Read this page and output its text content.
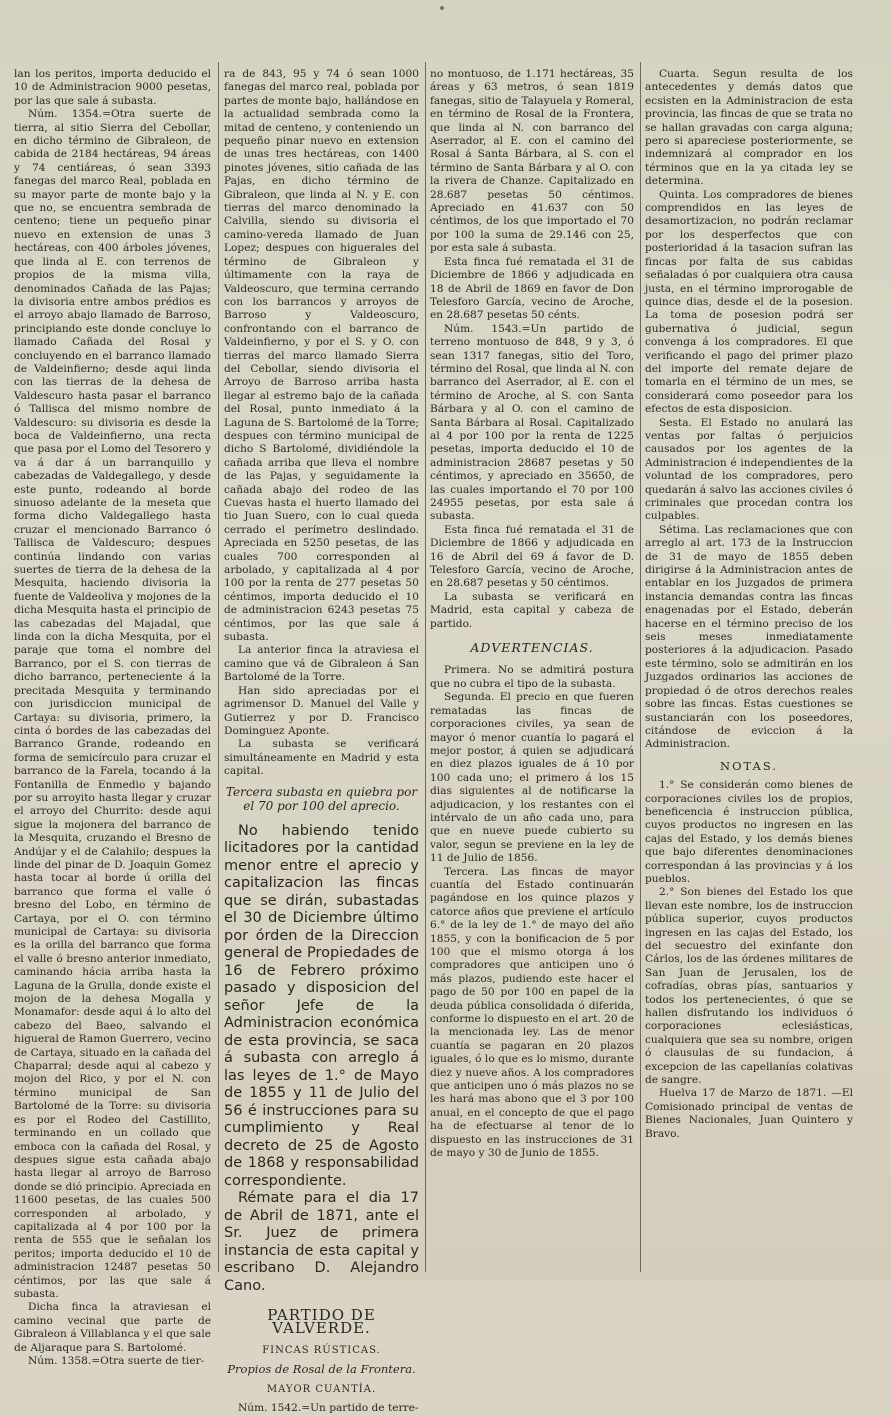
lan los peritos, importa deducido el 10 de Administracion 9000 pesetas, por las que sale á subasta.

Núm. 1354.=Otra suerte de tierra, al sitio Sierra del Cebollar, en dicho término de Gibraleon, de cabida de 2184 hectáreas, 94 áreas y 74 centiáreas, ó sean 3393 fanegas del marco Real, poblada en su mayor parte de monte bajo y la que no, se encuentra sembrada de centeno; tiene un pequeño pinar nuevo en extension de unas 3 hectáreas, con 400 árboles jóvenes, que linda al E. con terrenos de propios de la misma villa, denominados Cañada de las Pajas; la divisoria entre ambos prédios es el arroyo abajo llamado de Barroso, principiando este donde concluye lo llamado Cañada del Rosal y concluyendo en el barranco llamado de Valdeinfierno; desde aqui linda con las tierras de la dehesa de Valdescuro hasta pasar el barranco ó Tallisca del mismo nombre de Valdescuro: su divisoria es desde la boca de Valdeinfierno, una recta que pasa por el Lomo del Tesorero y va á dar á un barranquillo y cabezadas de Valdegallego, y desde este punto, rodeando al borde sinuoso adelante de la meseta que forma dicho Valdegallego hasta cruzar el mencionado Barranco ó Tallisca de Valdescuro; despues continúa lindando con varias suertes de tierra de la dehesa de la Mesquita, haciendo divisoria la fuente de Valdeoliva y mojones de la dicha Mesquita hasta el principio de las cabezadas del Majadal, que linda con la dicha Mesquita, por el paraje que toma el nombre del Barranco, por el S. con tierras de dicho barranco, perteneciente á la precitada Mesquita y terminando con jurisdiccion municipal de Cartaya: su divisoria, primero, la cinta ó bordes de las cabezadas del Barranco Grande, rodeando en forma de semicírculo para cruzar el barranco de la Farela, tocando á la Fontanilla de Enmedio y bajando por su arroyito hasta llegar y cruzar el arroyo del Churrito: desde aqui sigue la mojonera del barranco de la Mesquita, cruzando el Bresno de Andújar y el de Calahilo; despues la linde del pinar de D. Joaquin Gomez hasta tocar al borde ú orilla del barranco que forma el valle ó bresno del Lobo, en término de Cartaya, por el O. con término municipal de Cartaya: su divisoria es la orilla del barranco que forma el valle ó bresno anterior inmediato, caminando hácia arriba hasta la Laguna de la Grulla, donde existe el mojon de la dehesa Mogalla y Monamafor: desde aqui á lo alto del cabezo del Baeo, salvando el higueral de Ramon Guerrero, vecino de Cartaya, situado en la cañada del Chaparral; desde aqui al cabezo y mojon del Rico, y por el N. con término municipal de San Bartolomé de la Torre: su divisoria es por el Rodeo del Castillito, terminando en un collado que emboca con la cañada del Rosal, y despues sigue esta cañada abajo hasta llegar al arroyo de Barroso donde se dió principio. Apreciada en 11600 pesetas, de las cuales 500 corresponden al arbolado, y capitalizada al 4 por 100 por la renta de 555 que le señalan los peritos; importa deducido el 10 de administracion 12487 pesetas 50 céntimos, por las que sale á subasta.

Dicha finca la atraviesan el camino vecinal que parte de Gibraleon á Villablanca y el que sale de Aljaraque para S. Bartolomé.

Núm. 1358.=Otra suerte de tier-

ra de 843, 95 y 74 ó sean 1000 fanegas del marco real, poblada por partes de monte bajo, hallándose en la actualidad sembrada como la mitad de centeno, y conteniendo un pequeño pinar nuevo en extension de unas tres hectáreas, con 1400 pinotes jóvenes, sitio cañada de las Pajas, en dicho término de Gibraleon, que linda al N. y E. con tierras del marco denominado la Calvilla, siendo su divisoria el camino-vereda llamado de Juan Lopez; despues con higuerales del término de Gibraleon y últimamente con la raya de Valdeoscuro, que termina cerrando con los barrancos y arroyos de Barroso y Valdeoscuro, confrontando con el barranco de Valdeinfierno, y por el S. y O. con tierras del marco llamado Sierra del Cebollar, siendo divisoria el Arroyo de Barroso arriba hasta llegar al estremo bajo de la cañada del Rosal, punto inmediato á la Laguna de S. Bartolomé de la Torre; despues con término municipal de dicho S Bartolomé, dividiéndole la cañada arriba que lleva el nombre de las Pajas, y seguidamente la cañada abajo del rodeo de las Cuevas hasta el huerto llamado del tio Juan Suero, con lo cual queda cerrado el perímetro deslindado. Apreciada en 5250 pesetas, de las cuales 700 corresponden al arbolado, y capitalizada al 4 por 100 por la renta de 277 pesetas 50 céntimos, importa deducido el 10 de administracion 6243 pesetas 75 céntimos, por las que sale á subasta.

La anterior finca la atraviesa el camino que vá de Gibraleon á San Bartolomé de la Torre.

Han sido apreciadas por el agrimensor D. Manuel del Valle y Gutierrez y por D. Francisco Dominguez Aponte.

La subasta se verificará simultáneamente en Madrid y esta capital.

Tercera subasta en quiebra por el 70 por 100 del aprecio.

No habiendo tenido licitadores por la cantidad menor entre el aprecio y capitalizacion las fincas que se dirán, subastadas el 30 de Diciembre último por órden de la Direccion general de Propiedades de 16 de Febrero próximo pasado y disposicion del señor Jefe de la Administracion económica de esta provincia, se saca á subasta con arreglo á las leyes de 1.° de Mayo de 1855 y 11 de Julio del 56 é instrucciones para su cumplimiento y Real decreto de 25 de Agosto de 1868 y responsabilidad correspondiente.

Rémate para el dia 17 de Abril de 1871, ante el Sr. Juez de primera instancia de esta capital y escribano D. Alejandro Cano.

PARTIDO DE VALVERDE.
FINCAS RÚSTICAS.
Propios de Rosal de la Frontera.
MAYOR CUANTÍA.

Núm. 1542.=Un partido de terre-

no montuoso, de 1.171 hectáreas, 35 áreas y 63 metros, ó sean 1819 fanegas, sitio de Talayuela y Romeral, en término de Rosal de la Frontera, que linda al N. con barranco del Aserrador, al E. con el camino del Rosal á Santa Bárbara, al S. con el término de Santa Bárbara y al O. con la rivera de Chanze. Capitalizado en 28.687 pesetas 50 céntimos. Apreciado en 41.637 con 50 céntimos, de los que importado el 70 por 100 la suma de 29.146 con 25, por esta sale á subasta.

Esta finca fué rematada el 31 de Diciembre de 1866 y adjudicada en 18 de Abril de 1869 en favor de Don Telesforo García, vecino de Aroche, en 28.687 pesetas 50 cénts.

Núm. 1543.=Un partido de terreno montuoso de 848, 9 y 3, ó sean 1317 fanegas, sitio del Toro, término del Rosal, que linda al N. con barranco del Aserrador, al E. con el término de Aroche, al S. con Santa Bárbara y al O. con el camino de Santa Bárbara al Rosal. Capitalizado al 4 por 100 por la renta de 1225 pesetas, importa deducido el 10 de administracion 28687 pesetas y 50 céntimos, y apreciado en 35650, de las cuales importando el 70 por 100 24955 pesetas, por esta sale á subasta.

Esta finca fué rematada el 31 de Diciembre de 1866 y adjudicada en 16 de Abril del 69 á favor de D. Telesforo García, vecino de Aroche, en 28.687 pesetas y 50 céntimos.

La subasta se verificará en Madrid, esta capital y cabeza de partido.

ADVERTENCIAS.

Primera. No se admitirá postura que no cubra el tipo de la subasta.

Segunda. El precio en que fueren rematadas las fincas de corporaciones civiles, ya sean de mayor ó menor cuantía lo pagará el mejor postor, á quien se adjudicará en diez plazos iguales de á 10 por 100 cada uno; el primero á los 15 dias siguientes al de notificarse la adjudicacion, y los restantes con el intérvalo de un año cada uno, para que en nueve puede cubierto su valor, segun se previene en la ley de 11 de Julio de 1856.

Tercera. Las fincas de mayor cuantía del Estado continuarán pagándose en los quince plazos y catorce años que previene el artículo 6.° de la ley de 1.° de mayo del año 1855, y con la bonificacion de 5 por 100 que el mismo otorga á los compradores que anticipen uno ó más plazos, pudiendo este hacer el pago de 50 por 100 en papel de la deuda pública consolidada ó diferida, conforme lo dispuesto en el art. 20 de la mencionada ley. Las de menor cuantía se pagaran en 20 plazos iguales, ó lo que es lo mismo, durante diez y nueve años. A los compradores que anticipen uno ó más plazos no se les hará mas abono que el 3 por 100 anual, en el concepto de que el pago ha de efectuarse al tenor de lo dispuesto en las instrucciones de 31 de mayo y 30 de Junio de 1855.

Cuarta. Segun resulta de los antecedentes y demás datos que ecsisten en la Administracion de esta provincia, las fincas de que se trata no se hallan gravadas con carga alguna; pero si apareciese posteriormente, se indemnizará al comprador en los términos que en la ya citada ley se determina.

Quinta. Los compradores de bienes comprendidos en las leyes de desamortizacion, no podrán reclamar por los desperfectos que con posterioridad á la tasacion sufran las fincas por falta de sus cabidas señaladas ó por cualquiera otra causa justa, en el término improrogable de quince dias, desde el de la posesion. La toma de posesion podrá ser gubernativa ó judicial, segun convenga á los compradores. El que verificando el pago del primer plazo del importe del remate dejare de tomarla en el término de un mes, se considerará como poseedor para los efectos de esta disposicion.

Sesta. El Estado no anulará las ventas por faltas ó perjuicios causados por los agentes de la Administracion é independientes de la voluntad de los compradores, pero quedarán á salvo las acciones civiles ó criminales que procedan contra los culpables.

Sétima. Las reclamaciones que con arreglo al art. 173 de la Instruccion de 31 de mayo de 1855 deben dirigirse á la Administracion antes de entablar en los Juzgados de primera instancia demandas contra las fincas enagenadas por el Estado, deberán hacerse en el término preciso de los seis meses inmediatamente posteriores á la adjudicacion. Pasado este término, solo se admitirán en los Juzgados ordinarios las acciones de propiedad ó de otros derechos reales sobre las fincas. Estas cuestiones se sustanciarán con los poseedores, citándose de eviccion á la Administracion.

NOTAS.

1.° Se considerán como bienes de corporaciones civiles los de propios, beneficencia é instruccion pública, cuyos productos no ingresen en las cajas del Estado, y los demás bienes que bajo diferentes denominaciones correspondan á las provincias y á los pueblos.

2.° Son bienes del Estado los que llevan este nombre, los de instruccion pública superior, cuyos productos ingresen en las cajas del Estado, los del secuestro del exinfante don Cárlos, los de las órdenes militares de San Juan de Jerusalen, los de cofradías, obras pías, santuarios y todos los pertenecientes, ó que se hallen disfrutando los individuos ó corporaciones eclesiásticas, cualquiera que sea su nombre, origen ó clausulas de su fundacion, á excepcion de las capellanías colativas de sangre.

Huelva 17 de Marzo de 1871. —El Comisionado principal de ventas de Bienes Nacionales, Juan Quintero y Bravo.
